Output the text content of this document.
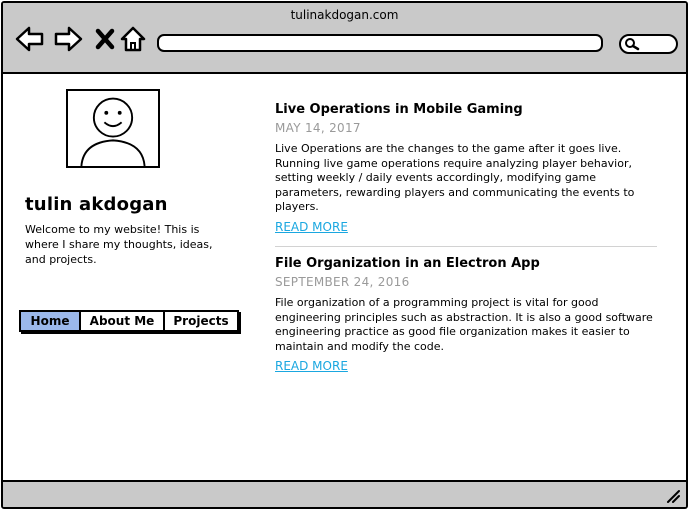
tulinakdogan.com
tulin akdogan
Welcome to my website! This is where I share my thoughts, ideas, and projects.
Home	About Me	Projects
Live Operations in Mobile Gaming
MAY 14, 2017
Live Operations are the changes to the game after it goes live. Running live game operations require analyzing player behavior, setting weekly / daily events accordingly, modifying game parameters, rewarding players and communicating the events to players.
READ MORE
File Organization in an Electron App
SEPTEMBER 24, 2016
File organization of a programming project is vital for good engineering principles such as abstraction. It is also a good software engineering practice as good file organization makes it easier to maintain and modify the code.
READ MORE
